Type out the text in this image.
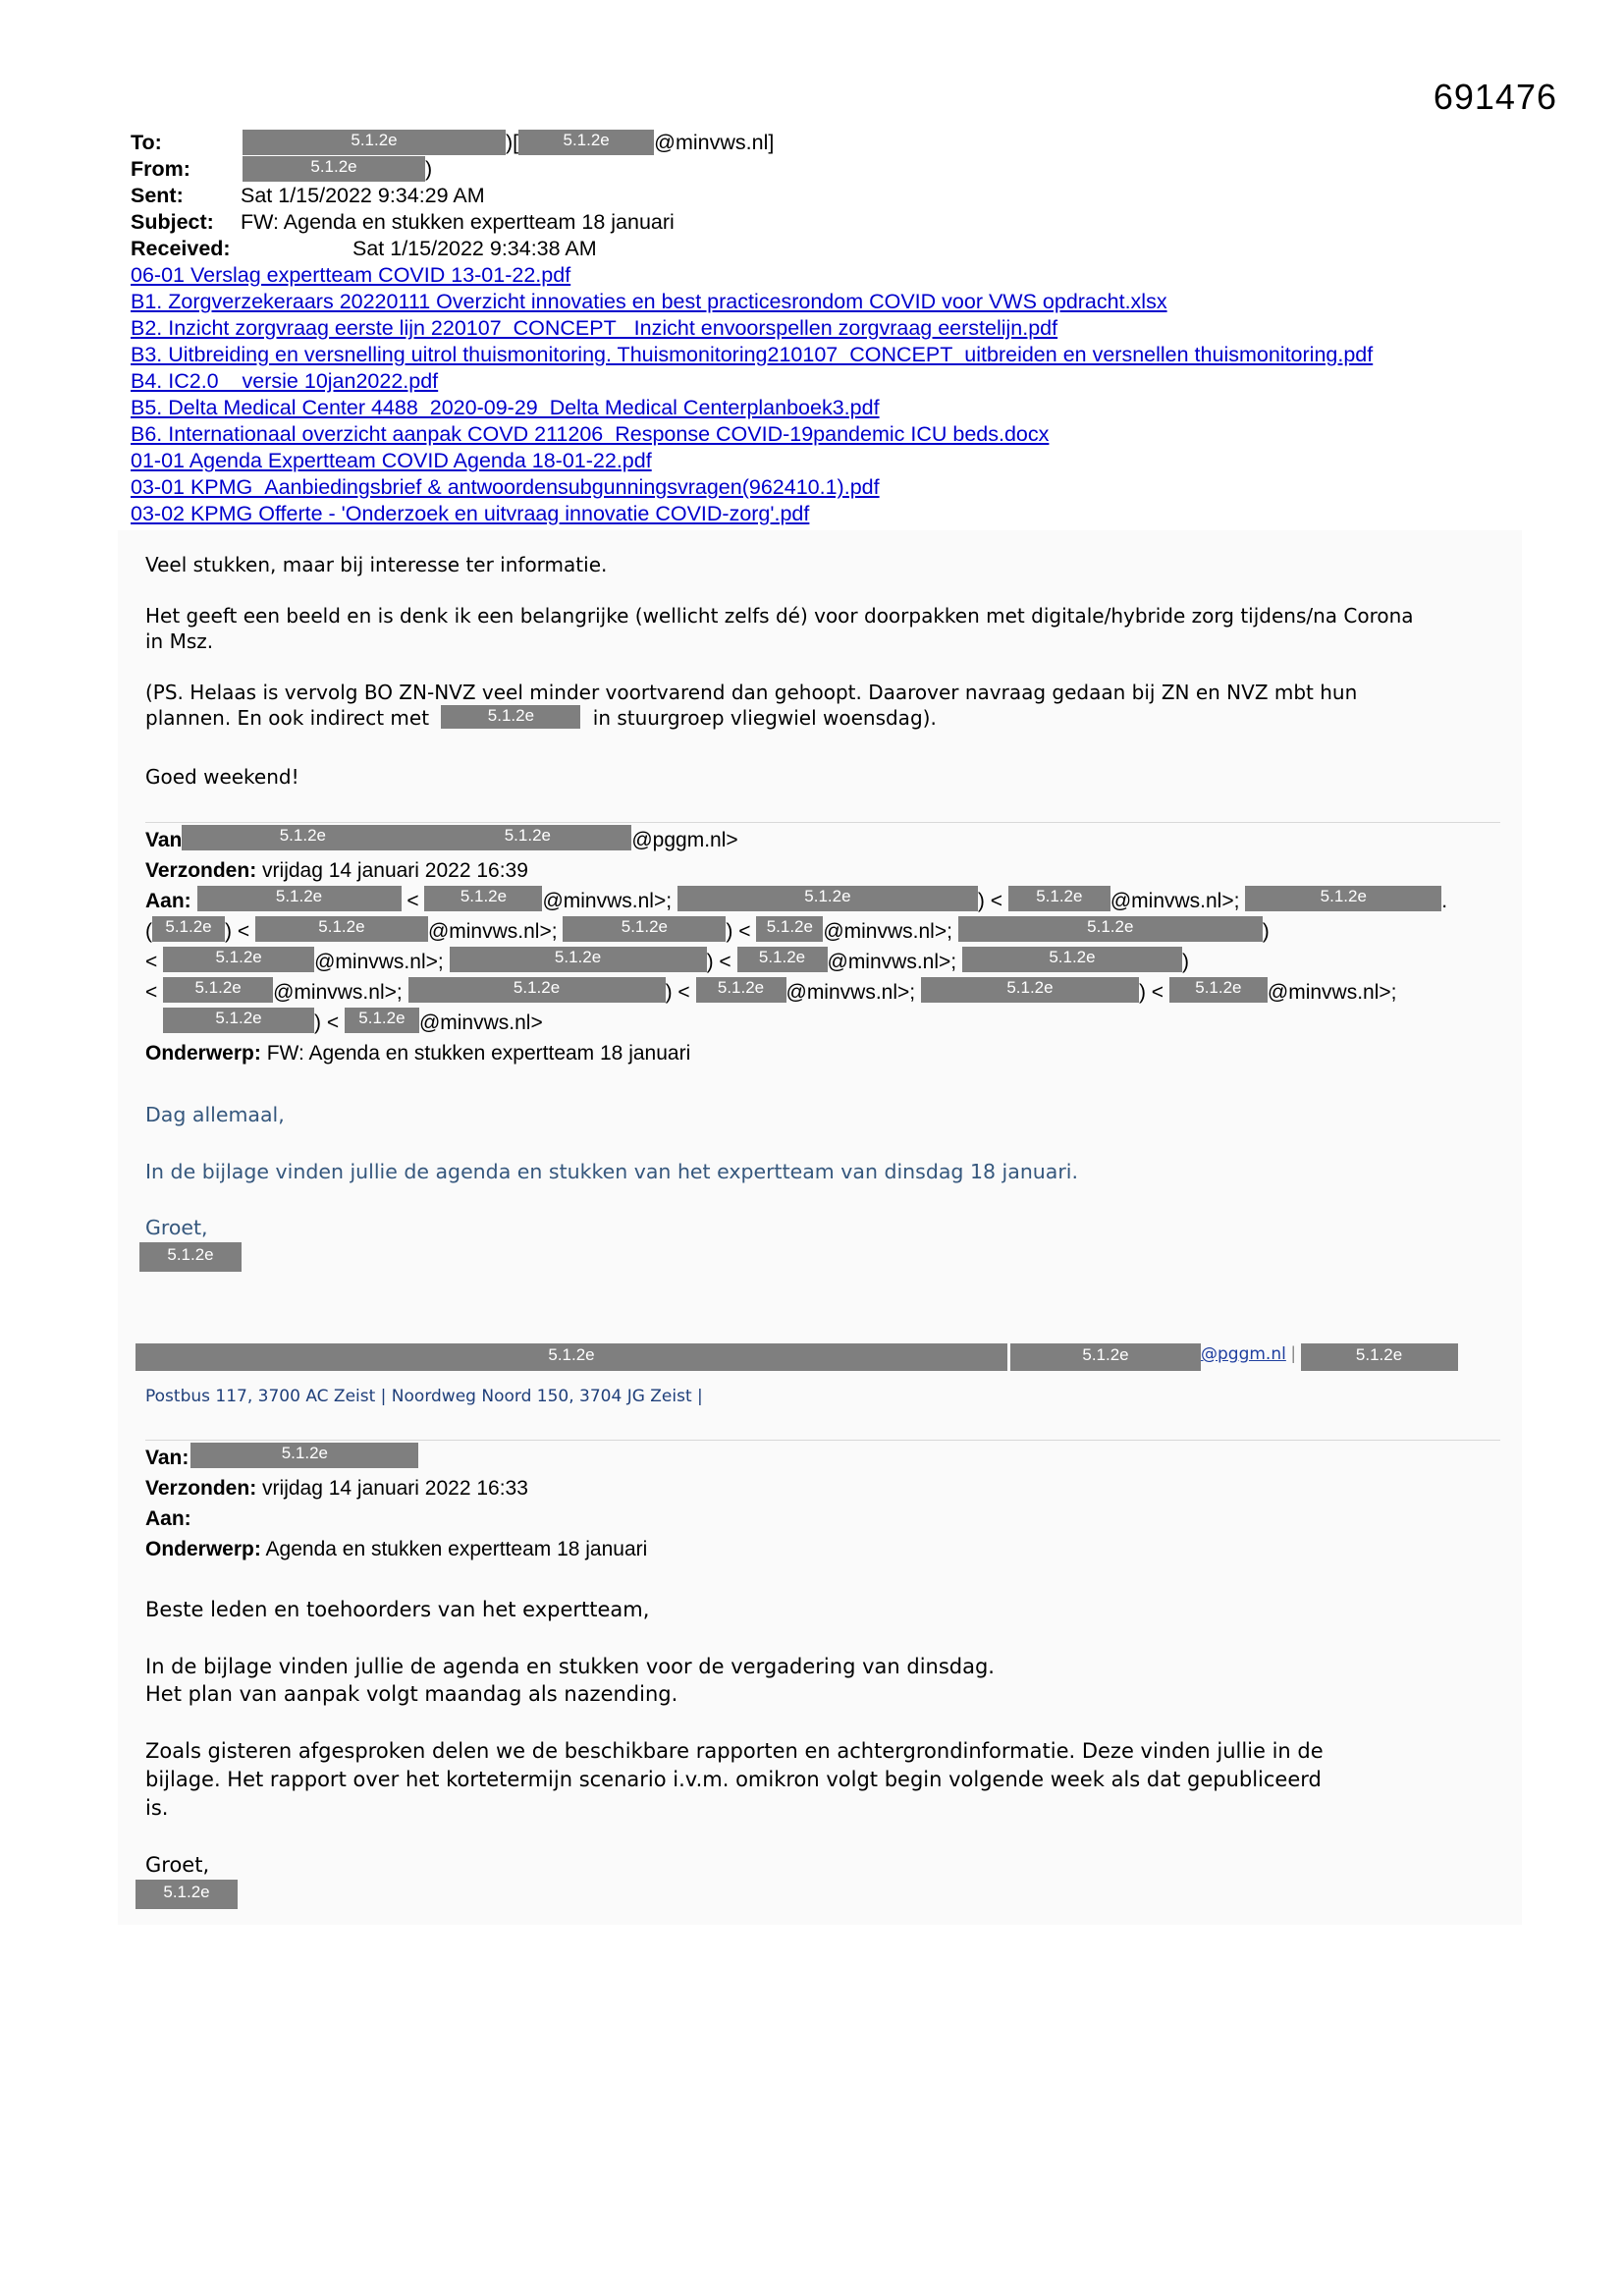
691476
To:	5.1.2e	)[	5.1.2e @minvws.nl]
From:	5.1.2e	)
Sent:	Sat 1/15/2022 9:34:29 AM
Subject: FW: Agenda en stukken expertteam 18 januari
Received:	Sat 1/15/2022 9:34:38 AM
06-01 Verslag expertteam COVID 13-01-22.pdf
B1. Zorgverzekeraars 20220111 Overzicht innovaties en best practicesrondom COVID voor VWS opdracht.xlsx
B2. Inzicht zorgvraag eerste lijn 220107_CONCEPT_ Inzicht envoorspellen zorgvraag eerstelijn.pdf
B3. Uitbreiding en versnelling uitrol thuismonitoring. Thuismonitoring210107_CONCEPT_uitbreiden en versnellen thuismonitoring.pdf
B4. IC2.0 _ versie 10jan2022.pdf
B5. Delta Medical Center 4488_2020-09-29_Delta Medical Centerplanboek3.pdf
B6. Internationaal overzicht aanpak COVD 211206_Response COVID-19pandemic ICU beds.docx
01-01 Agenda Expertteam COVID Agenda 18-01-22.pdf
03-01 KPMG_Aanbiedingsbrief & antwoordensubgunningsvragen(962410.1).pdf
03-02 KPMG Offerte - 'Onderzoek en uitvraag innovatie COVID-zorg'.pdf
Veel stukken, maar bij interesse ter informatie.
Het geeft een beeld en is denk ik een belangrijke (wellicht zelfs dé) voor doorpakken met digitale/hybride zorg tijdens/na Corona
in Msz.
(PS. Helaas is vervolg BO ZN-NVZ veel minder voortvarend dan gehoopt. Daarover navraag gedaan bij ZN en NVZ mbt hun
plannen. En ook indirect met	5.1.2e	in stuurgroep vliegwiel woensdag).
Goed weekend!
Van	5.1.2e	5.1.2e	@pggm.nl>
Verzonden: vrijdag 14 januari 2022 16:39
Aan:	5.1.2e	< 5.1.2e @minvws.nl>;	5.1.2e	) < 5.1.2e @minvws.nl>;	5.1.2e	.
( 5.1.2e ) <	5.1.2e	@minvws.nl>;	5.1.2e	) < 5.1.2e @minvws.nl>;	5.1.2e	)
<	5.1.2e	@minvws.nl>;	5.1.2e	) < 5.1.2e @minvws.nl>;	5.1.2e	)
< 5.1.2e @minvws.nl>;	5.1.2e	) < 5.1.2e @minvws.nl>;	5.1.2e	) < 5.1.2e @minvws.nl>;
5.1.2e	) < 5.1.2e @minvws.nl>
Onderwerp: FW: Agenda en stukken expertteam 18 januari
Dag allemaal,
In de bijlage vinden jullie de agenda en stukken van het expertteam van dinsdag 18 januari.
Groet,
5.1.2e
5.1.2e	5.1.2e	@pggm.nl |	5.1.2e
Postbus 117, 3700 AC Zeist | Noordweg Noord 150, 3704 JG Zeist |
Van:	5.1.2e
Verzonden: vrijdag 14 januari 2022 16:33
Aan:
Onderwerp: Agenda en stukken expertteam 18 januari
Beste leden en toehoorders van het expertteam,
In de bijlage vinden jullie de agenda en stukken voor de vergadering van dinsdag.
Het plan van aanpak volgt maandag als nazending.
Zoals gisteren afgesproken delen we de beschikbare rapporten en achtergrondinformatie. Deze vinden jullie in de
bijlage. Het rapport over het kortetermijn scenario i.v.m. omikron volgt begin volgende week als dat gepubliceerd
is.
Groet,
5.1.2e
